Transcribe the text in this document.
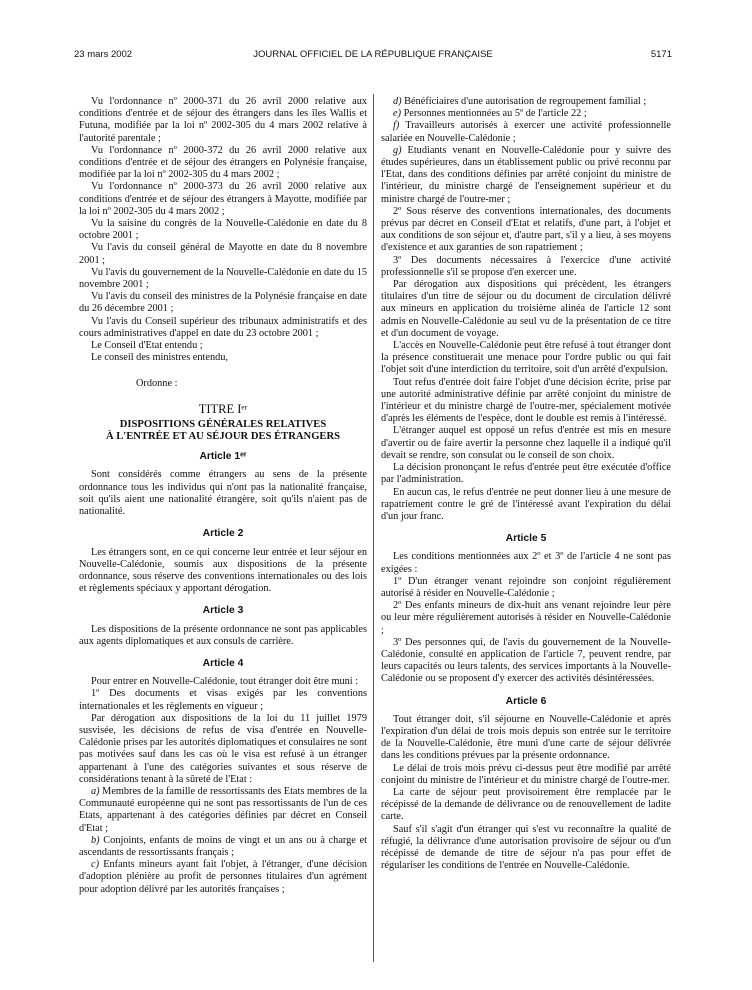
23 mars 2002	JOURNAL OFFICIEL DE LA RÉPUBLIQUE FRANÇAISE	5171

Vu l'ordonnance nº 2000-371 du 26 avril 2000 relative aux conditions d'entrée et de séjour des étrangers dans les îles Wallis et Futuna, modifiée par la loi nº 2002-305 du 4 mars 2002 relative à l'autorité parentale ;

Vu l'ordonnance nº 2000-372 du 26 avril 2000 relative aux conditions d'entrée et de séjour des étrangers en Polynésie française, modifiée par la loi nº 2002-305 du 4 mars 2002 ;

Vu l'ordonnance nº 2000-373 du 26 avril 2000 relative aux conditions d'entrée et de séjour des étrangers à Mayotte, modifiée par la loi nº 2002-305 du 4 mars 2002 ;

Vu la saisine du congrès de la Nouvelle-Calédonie en date du 8 octobre 2001 ;

Vu l'avis du conseil général de Mayotte en date du 8 novembre 2001 ;

Vu l'avis du gouvernement de la Nouvelle-Calédonie en date du 15 novembre 2001 ;

Vu l'avis du conseil des ministres de la Polynésie française en date du 26 décembre 2001 ;

Vu l'avis du Conseil supérieur des tribunaux administratifs et des cours administratives d'appel en date du 23 octobre 2001 ;

Le Conseil d'Etat entendu ;

Le conseil des ministres entendu,

Ordonne :
TITRE Iᵉʳ
DISPOSITIONS GÉNÉRALES RELATIVES
À L'ENTRÉE ET AU SÉJOUR DES ÉTRANGERS
Article 1ᵉʳ

Sont considérés comme étrangers au sens de la présente ordonnance tous les individus qui n'ont pas la nationalité française, soit qu'ils aient une nationalité étrangère, soit qu'ils n'aient pas de nationalité.

Article 2

Les étrangers sont, en ce qui concerne leur entrée et leur séjour en Nouvelle-Calédonie, soumis aux dispositions de la présente ordonnance, sous réserve des conventions internationales ou des lois et règlements spéciaux y apportant dérogation.

Article 3

Les dispositions de la présente ordonnance ne sont pas applicables aux agents diplomatiques et aux consuls de carrière.

Article 4

Pour entrer en Nouvelle-Calédonie, tout étranger doit être muni :

1º Des documents et visas exigés par les conventions internationales et les règlements en vigueur ;

Par dérogation aux dispositions de la loi du 11 juillet 1979 susvisée, les décisions de refus de visa d'entrée en Nouvelle-Calédonie prises par les autorités diplomatiques et consulaires ne sont pas motivées sauf dans les cas où le visa est refusé à un étranger appartenant à l'une des catégories suivantes et sous réserve de considérations tenant à la sûreté de l'Etat :

a) Membres de la famille de ressortissants des Etats membres de la Communauté européenne qui ne sont pas ressortissants de l'un de ces Etats, appartenant à des catégories définies par décret en Conseil d'Etat ;

b) Conjoints, enfants de moins de vingt et un ans ou à charge et ascendants de ressortissants français ;

c) Enfants mineurs ayant fait l'objet, à l'étranger, d'une décision d'adoption plénière au profit de personnes titulaires d'un agrément pour adoption délivré par les autorités françaises ;

d) Bénéficiaires d'une autorisation de regroupement familial ;

e) Personnes mentionnées au 5º de l'article 22 ;

f) Travailleurs autorisés à exercer une activité professionnelle salariée en Nouvelle-Calédonie ;

g) Etudiants venant en Nouvelle-Calédonie pour y suivre des études supérieures, dans un établissement public ou privé reconnu par l'Etat, dans des conditions définies par arrêté conjoint du ministre de l'intérieur, du ministre chargé de l'enseignement supérieur et du ministre chargé de l'outre-mer ;

2º Sous réserve des conventions internationales, des documents prévus par décret en Conseil d'Etat et relatifs, d'une part, à l'objet et aux conditions de son séjour et, d'autre part, s'il y a lieu, à ses moyens d'existence et aux garanties de son rapatriement ;

3º Des documents nécessaires à l'exercice d'une activité professionnelle s'il se propose d'en exercer une.

Par dérogation aux dispositions qui précèdent, les étrangers titulaires d'un titre de séjour ou du document de circulation délivré aux mineurs en application du troisième alinéa de l'article 12 sont admis en Nouvelle-Calédonie au seul vu de la présentation de ce titre et d'un document de voyage.

L'accès en Nouvelle-Calédonie peut être refusé à tout étranger dont la présence constituerait une menace pour l'ordre public ou qui fait l'objet soit d'une interdiction du territoire, soit d'un arrêté d'expulsion.

Tout refus d'entrée doit faire l'objet d'une décision écrite, prise par une autorité administrative définie par arrêté conjoint du ministre de l'intérieur et du ministre chargé de l'outre-mer, spécialement motivée d'après les éléments de l'espèce, dont le double est remis à l'intéressé.

L'étranger auquel est opposé un refus d'entrée est mis en mesure d'avertir ou de faire avertir la personne chez laquelle il a indiqué qu'il devait se rendre, son consulat ou le conseil de son choix.

La décision prononçant le refus d'entrée peut être exécutée d'office par l'administration.

En aucun cas, le refus d'entrée ne peut donner lieu à une mesure de rapatriement contre le gré de l'intéressé avant l'expiration du délai d'un jour franc.

Article 5

Les conditions mentionnées aux 2º et 3º de l'article 4 ne sont pas exigées :

1º D'un étranger venant rejoindre son conjoint régulièrement autorisé à résider en Nouvelle-Calédonie ;

2º Des enfants mineurs de dix-huit ans venant rejoindre leur père ou leur mère régulièrement autorisés à résider en Nouvelle-Calédonie ;

3º Des personnes qui, de l'avis du gouvernement de la Nouvelle-Calédonie, consulté en application de l'article 7, peuvent rendre, par leurs capacités ou leurs talents, des services importants à la Nouvelle-Calédonie ou se proposent d'y exercer des activités désintéressées.

Article 6

Tout étranger doit, s'il séjourne en Nouvelle-Calédonie et après l'expiration d'un délai de trois mois depuis son entrée sur le territoire de la Nouvelle-Calédonie, être muni d'une carte de séjour délivrée dans les conditions prévues par la présente ordonnance.

Le délai de trois mois prévu ci-dessus peut être modifié par arrêté conjoint du ministre de l'intérieur et du ministre chargé de l'outre-mer.

La carte de séjour peut provisoirement être remplacée par le récépissé de la demande de délivrance ou de renouvellement de ladite carte.

Sauf s'il s'agit d'un étranger qui s'est vu reconnaître la qualité de réfugié, la délivrance d'une autorisation provisoire de séjour ou d'un récépissé de demande de titre de séjour n'a pas pour effet de régulariser les conditions de l'entrée en Nouvelle-Calédonie.
